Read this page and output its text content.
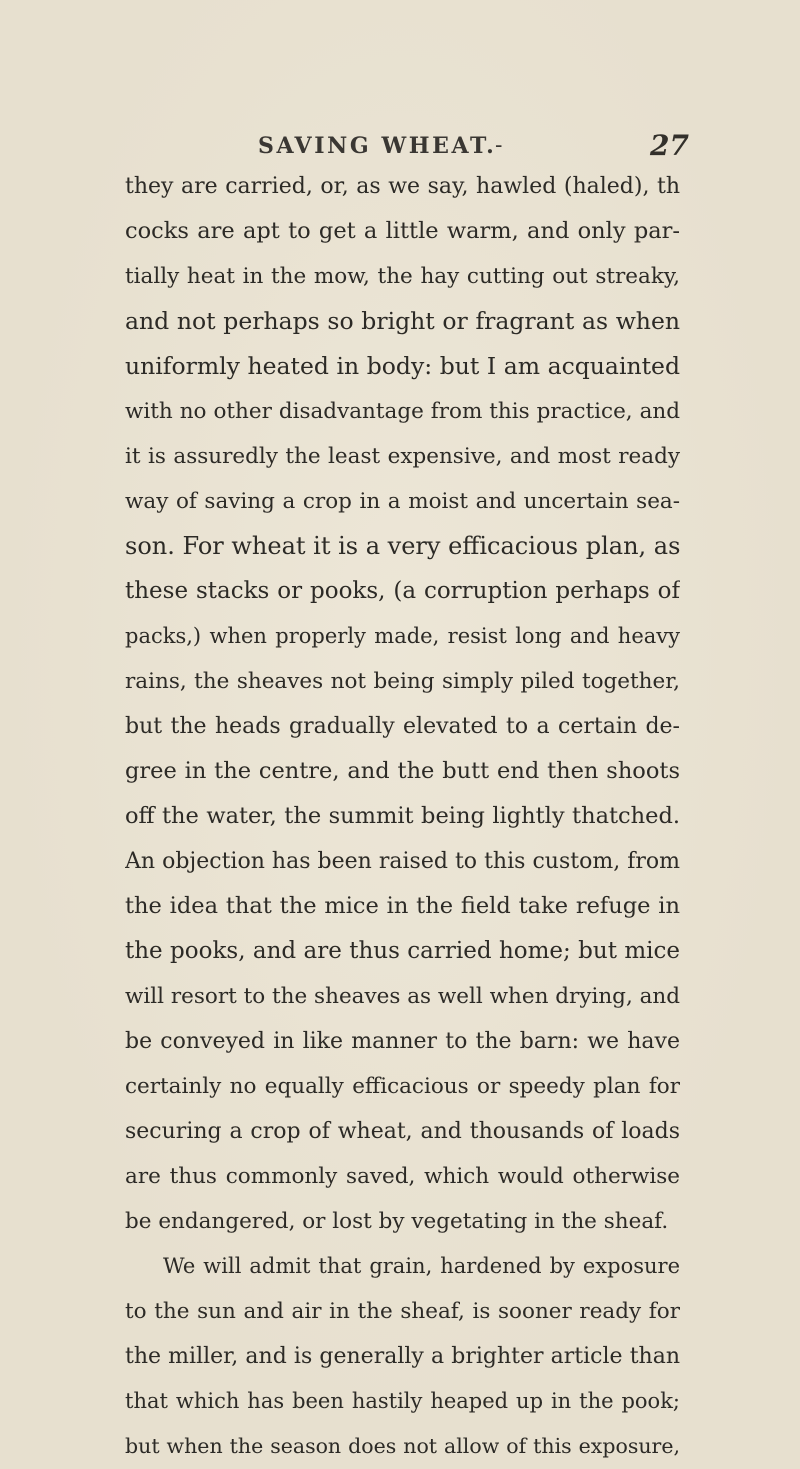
SAVING WHEAT.
-	27
they are carried, or, as we say, hawled (haled), th
cocks are apt to get a little warm, and only par-
tially heat in the mow, the hay cutting out streaky,
and not perhaps so bright or fragrant as when
uniformly heated in body: but I am acquainted
with no other disadvantage from this practice, and
it is assuredly the least expensive, and most ready
way of saving a crop in a moist and uncertain sea-
son. For wheat it is a very efficacious plan, as
these stacks or pooks, (a corruption perhaps of
packs,) when properly made, resist long and heavy
rains, the sheaves not being simply piled together,
but the heads gradually elevated to a certain de-
gree in the centre, and the butt end then shoots
off the water, the summit being lightly thatched.
An objection has been raised to this custom, from
the idea that the mice in the field take refuge in
the pooks, and are thus carried home; but mice
will resort to the sheaves as well when drying, and
be conveyed in like manner to the barn: we have
certainly no equally efficacious or speedy plan for
securing a crop of wheat, and thousands of loads
are thus commonly saved, which would otherwise
be endangered, or lost by vegetating in the sheaf.
We will admit that grain, hardened by exposure
to the sun and air in the sheaf, is sooner ready for
the miller, and is generally a brighter article than
that which has been hastily heaped up in the pook;
but when the season does not allow of this exposure,
